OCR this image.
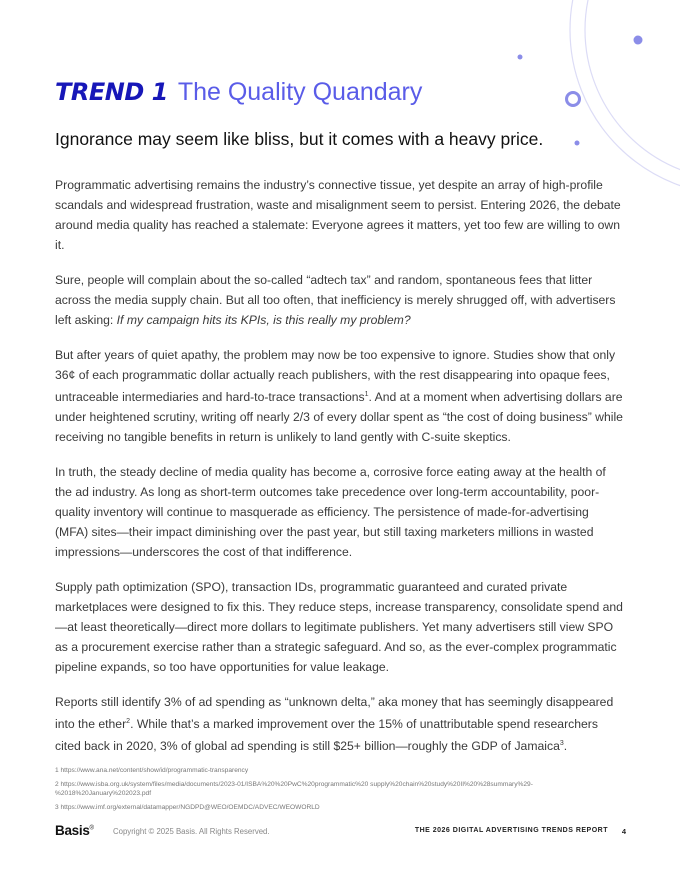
TREND 1 The Quality Quandary
Ignorance may seem like bliss, but it comes with a heavy price.

Programmatic advertising remains the industry’s connective tissue, yet despite an array of high-profile scandals and widespread frustration, waste and misalignment seem to persist. Entering 2026, the debate around media quality has reached a stalemate: Everyone agrees it matters, yet too few are willing to own it.

Sure, people will complain about the so-called “adtech tax” and random, spontaneous fees that litter across the media supply chain. But all too often, that inefficiency is merely shrugged off, with advertisers left asking: If my campaign hits its KPIs, is this really my problem?

But after years of quiet apathy, the problem may now be too expensive to ignore. Studies show that only 36¢ of each programmatic dollar actually reach publishers, with the rest disappearing into opaque fees, untraceable intermediaries and hard-to-trace transactions$^1$. And at a moment when advertising dollars are under heightened scrutiny, writing off nearly 2/3 of every dollar spent as “the cost of doing business” while receiving no tangible benefits in return is unlikely to land gently with C-suite skeptics.

In truth, the steady decline of media quality has become a, corrosive force eating away at the health of the ad industry. As long as short-term outcomes take precedence over long-term accountability, poor-quality inventory will continue to masquerade as efficiency. The persistence of made-for-advertising (MFA) sites—their impact diminishing over the past year, but still taxing marketers millions in wasted impressions—underscores the cost of that indifference.

Supply path optimization (SPO), transaction IDs, programmatic guaranteed and curated private marketplaces were designed to fix this. They reduce steps, increase transparency, consolidate spend and—at least theoretically—direct more dollars to legitimate publishers. Yet many advertisers still view SPO as a procurement exercise rather than a strategic safeguard. And so, as the ever-complex programmatic pipeline expands, so too have opportunities for value leakage.

Reports still identify 3% of ad spending as “unknown delta,” aka money that has seemingly disappeared into the ether$^2$. While that’s a marked improvement over the 15% of unattributable spend researchers cited back in 2020, 3% of global ad spending is still $25+ billion—roughly the GDP of Jamaica$^3$.

1 https://www.ana.net/content/show/id/programmatic-transparency
2 https://www.isba.org.uk/system/files/media/documents/2023-01/ISBA%20%20PwC%20programmatic%20 supply%20chain%20study%20II%20%28summary%29-%2018%20January%202023.pdf
3 https://www.imf.org/external/datamapper/NGDPD@WEO/OEMDC/ADVEC/WEOWORLD
Basis® Copyright © 2025 Basis. All Rights Reserved.	THE 2026 DIGITAL ADVERTISING TRENDS REPORT 4
